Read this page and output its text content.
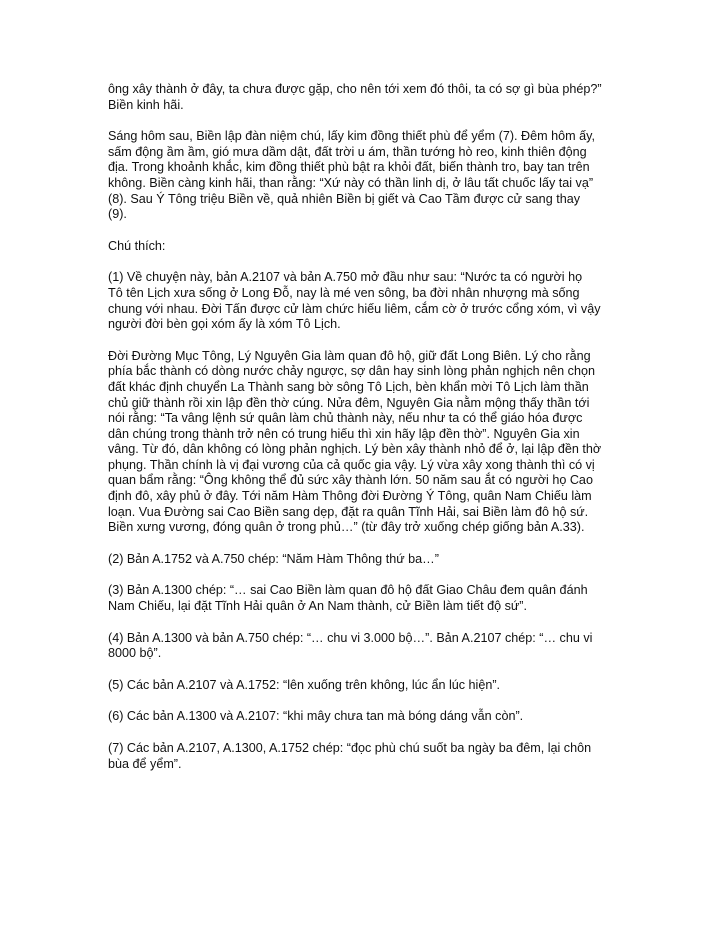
ông xây thành ở đây, ta chưa được gặp, cho nên tới xem đó thôi, ta có sợ gì bùa phép?”
Biền kinh hãi.

Sáng hôm sau, Biền lập đàn niệm chú, lấy kim đồng thiết phù để yểm (7). Đêm hôm ấy,
sấm động ầm ầm, gió mưa dầm dật, đất trời u ám, thần tướng hò reo, kinh thiên động
địa. Trong khoảnh khắc, kim đồng thiết phù bật ra khỏi đất, biến thành tro, bay tan trên
không. Biền càng kinh hãi, than rằng: “Xứ này có thần linh dị, ở lâu tất chuốc lấy tai vạ”
(8). Sau Ý Tông triệu Biền về, quả nhiên Biền bị giết và Cao Tầm được cử sang thay
(9).

Chú thích:

(1) Về chuyện này, bản A.2107 và bản A.750 mở đầu như sau: “Nước ta có người họ
Tô tên Lịch xưa sống ở Long Đỗ, nay là mé ven sông, ba đời nhân nhượng mà sống
chung với nhau. Đời Tấn được cử làm chức hiếu liêm, cắm cờ ở trước cổng xóm, vì vậy
người đời bèn gọi xóm ấy là xóm Tô Lịch.

Đời Đường Mục Tông, Lý Nguyên Gia làm quan đô hộ, giữ đất Long Biên. Lý cho rằng
phía bắc thành có dòng nước chảy ngược, sợ dân hay sinh lòng phản nghịch nên chọn
đất khác định chuyển La Thành sang bờ sông Tô Lịch, bèn khẩn mời Tô Lịch làm thần
chủ giữ thành rồi xin lập đền thờ cúng. Nửa đêm, Nguyên Gia nằm mộng thấy thần tới
nói rằng: “Ta vâng lệnh sứ quân làm chủ thành này, nếu như ta có thể giáo hóa được
dân chúng trong thành trở nên có trung hiếu thì xin hãy lập đền thờ”. Nguyên Gia xin
vâng. Từ đó, dân không có lòng phản nghịch. Lý bèn xây thành nhỏ để ở, lại lập đền thờ
phụng. Thần chính là vị đại vương của cả quốc gia vậy. Lý vừa xây xong thành thì có vị
quan bẩm rằng: “Ông không thể đủ sức xây thành lớn. 50 năm sau ắt có người họ Cao
định đô, xây phủ ở đây. Tới năm Hàm Thông đời Đường Ý Tông, quân Nam Chiếu làm
loạn. Vua Đường sai Cao Biền sang dẹp, đặt ra quân Tĩnh Hải, sai Biền làm đô hộ sứ.
Biền xưng vương, đóng quân ở trong phủ…” (từ đây trở xuống chép giống bản A.33).

(2) Bản A.1752 và A.750 chép: “Năm Hàm Thông thứ ba…”

(3) Bản A.1300 chép: “… sai Cao Biền làm quan đô hộ đất Giao Châu đem quân đánh
Nam Chiếu, lại đặt Tĩnh Hải quân ở An Nam thành, cử Biền làm tiết độ sứ”.

(4) Bản A.1300 và bản A.750 chép: “… chu vi 3.000 bộ…”. Bản A.2107 chép: “… chu vi
8000 bộ”.

(5) Các bản A.2107 và A.1752: “lên xuống trên không, lúc ẩn lúc hiện”.

(6) Các bản A.1300 và A.2107: “khi mây chưa tan mà bóng dáng vẫn còn”.

(7) Các bản A.2107, A.1300, A.1752 chép: “đọc phù chú suốt ba ngày ba đêm, lại chôn
bùa để yểm”.
